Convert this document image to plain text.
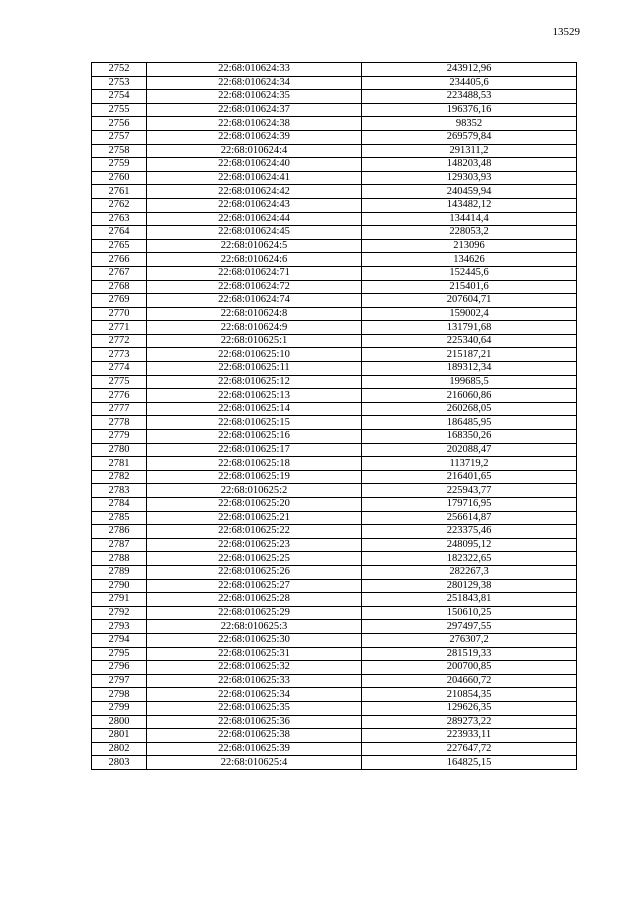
13529
2752	22:68:010624:33	243912,96
2753	22:68:010624:34	234405,6
2754	22:68:010624:35	223488,53
2755	22:68:010624:37	196376,16
2756	22:68:010624:38	98352
2757	22:68:010624:39	269579,84
2758	22:68:010624:4	291311,2
2759	22:68:010624:40	148203,48
2760	22:68:010624:41	129303,93
2761	22:68:010624:42	240459,94
2762	22:68:010624:43	143482,12
2763	22:68:010624:44	134414,4
2764	22:68:010624:45	228053,2
2765	22:68:010624:5	213096
2766	22:68:010624:6	134626
2767	22:68:010624:71	152445,6
2768	22:68:010624:72	215401,6
2769	22:68:010624:74	207604,71
2770	22:68:010624:8	159002,4
2771	22:68:010624:9	131791,68
2772	22:68:010625:1	225340,64
2773	22:68:010625:10	215187,21
2774	22:68:010625:11	189312,34
2775	22:68:010625:12	199685,5
2776	22:68:010625:13	216060,86
2777	22:68:010625:14	260268,05
2778	22:68:010625:15	186485,95
2779	22:68:010625:16	168350,26
2780	22:68:010625:17	202088,47
2781	22:68:010625:18	113719,2
2782	22:68:010625:19	216401,65
2783	22:68:010625:2	225943,77
2784	22:68:010625:20	179716,95
2785	22:68:010625:21	256614,87
2786	22:68:010625:22	223375,46
2787	22:68:010625:23	248095,12
2788	22:68:010625:25	182322,65
2789	22:68:010625:26	282267,3
2790	22:68:010625:27	280129,38
2791	22:68:010625:28	251843,81
2792	22:68:010625:29	150610,25
2793	22:68:010625:3	297497,55
2794	22:68:010625:30	276307,2
2795	22:68:010625:31	281519,33
2796	22:68:010625:32	200700,85
2797	22:68:010625:33	204660,72
2798	22:68:010625:34	210854,35
2799	22:68:010625:35	129626,35
2800	22:68:010625:36	289273,22
2801	22:68:010625:38	223933,11
2802	22:68:010625:39	227647,72
2803	22:68:010625:4	164825,15
